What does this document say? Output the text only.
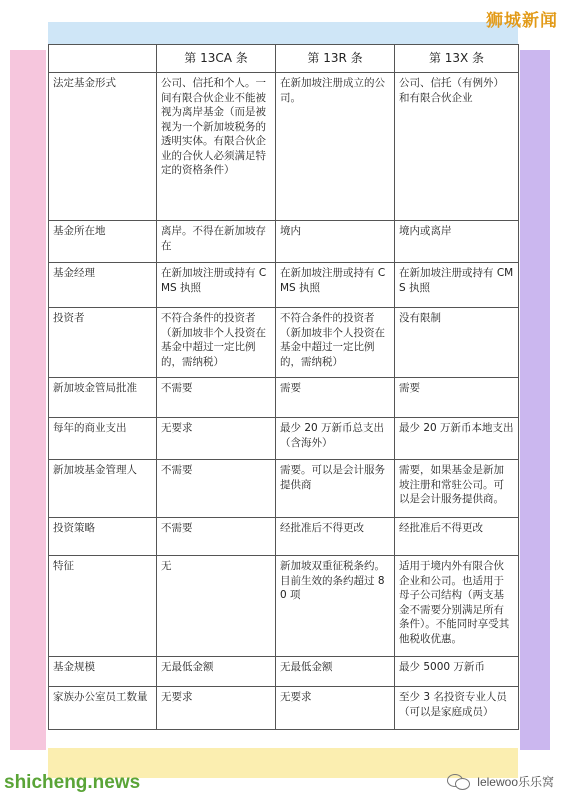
	第 13CA 条	第 13R 条	第 13X 条
法定基金形式	公司、信托和个人。一间有限合伙企业不能被视为离岸基金（而是被视为一个新加坡税务的透明实体。有限合伙企业的合伙人必须满足特定的资格条件）	在新加坡注册成立的公司。	公司、信托（有例外）和有限合伙企业
基金所在地	离岸。不得在新加坡存在	境内	境内或离岸
基金经理	在新加坡注册或持有 CMS 执照	在新加坡注册或持有 CMS 执照	在新加坡注册或持有 CMS 执照
投资者	不符合条件的投资者（新加坡非个人投资在基金中超过一定比例的，需纳税）	不符合条件的投资者（新加坡非个人投资在基金中超过一定比例的，需纳税）	没有限制
新加坡金管局批准	不需要	需要	需要
每年的商业支出	无要求	最少 20 万新币总支出（含海外）	最少 20 万新币本地支出
新加坡基金管理人	不需要	需要。可以是会计服务提供商	需要，如果基金是新加坡注册和常驻公司。可以是会计服务提供商。
投资策略	不需要	经批准后不得更改	经批准后不得更改
特征	无	新加坡双重征税条约。目前生效的条约超过 80 项	适用于境内外有限合伙企业和公司。也适用于母子公司结构（两支基金不需要分别满足所有条件）。不能同时享受其他税收优惠。
基金规模	无最低金额	无最低金额	最少 5000 万新币
家族办公室员工数量	无要求	无要求	至少 3 名投资专业人员（可以是家庭成员）
狮城新闻
shicheng.news	lelewoo乐乐窝
